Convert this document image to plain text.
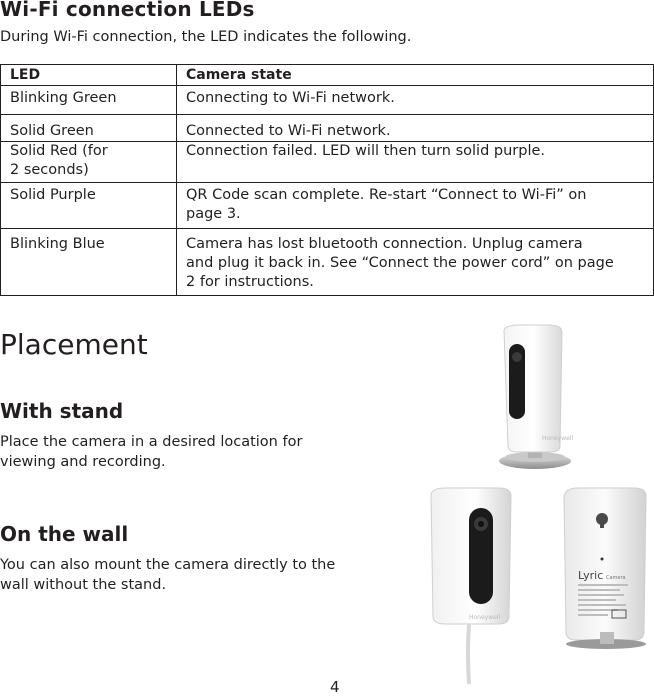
Wi-Fi connection LEDs
During Wi-Fi connection, the LED indicates the following.
LED	Camera state
Blinking Green	Connecting to Wi-Fi network.
Solid Green	Connected to Wi-Fi network.
Solid Red (for
2 seconds)	Connection failed. LED will then turn solid purple.
Solid Purple	QR Code scan complete. Re-start “Connect to Wi-Fi” on
page 3.
Blinking Blue	Camera has lost bluetooth connection. Unplug camera
and plug it back in. See “Connect the power cord” on page
2 for instructions.
Placement
With stand
Place the camera in a desired location for
viewing and recording.
On the wall
You can also mount the camera directly to the
wall without the stand.
Honeywell
Honeywell
Lyric Camera
4
